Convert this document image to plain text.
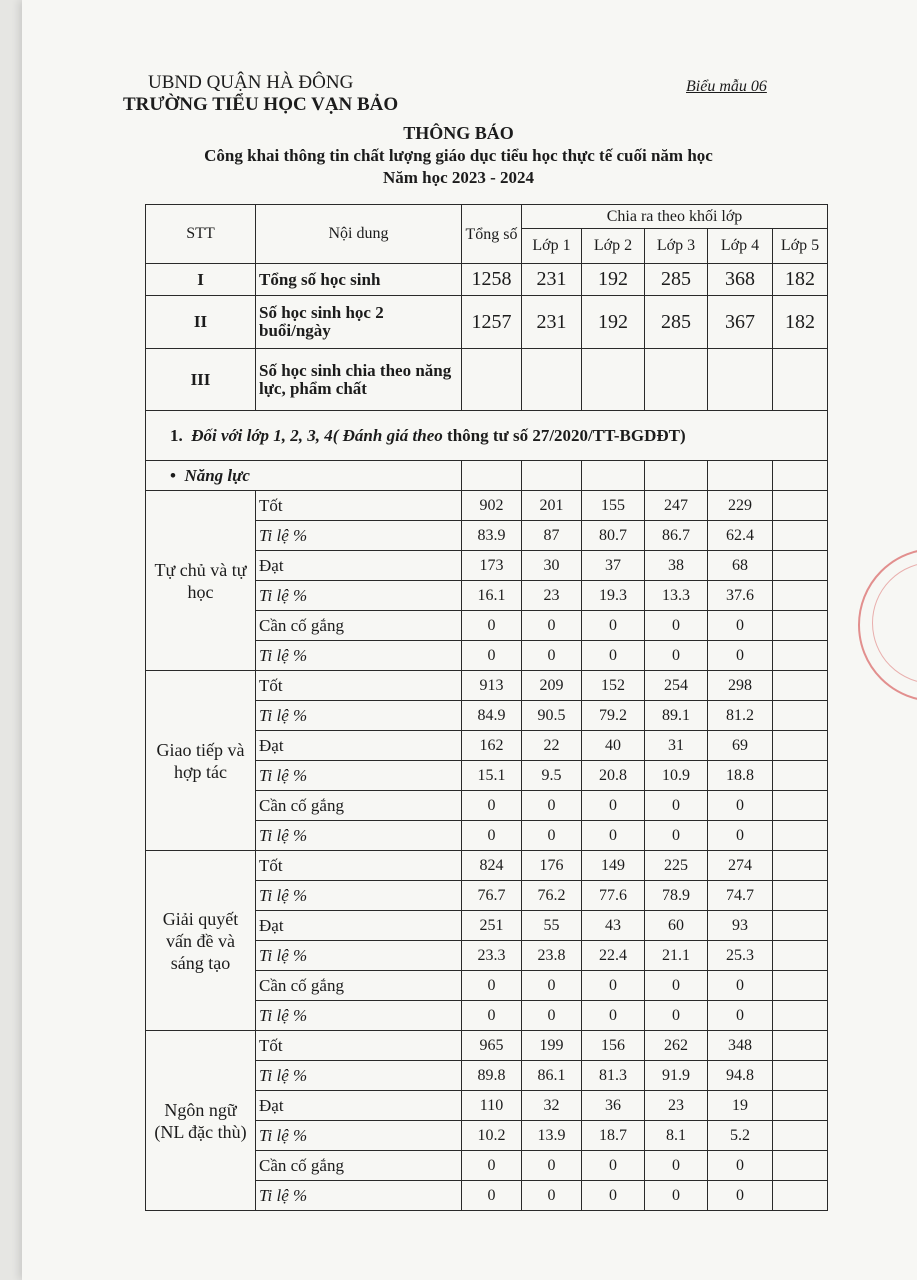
UBND QUẬN HÀ ĐÔNG
TRƯỜNG TIỂU HỌC VẠN BẢO
Biểu mẫu 06
THÔNG BÁO
Công khai thông tin chất lượng giáo dục tiểu học thực tế cuối năm học
Năm học 2023 - 2024
STT	Nội dung	Tổng số	Chia ra theo khối lớp				
			Lớp 1	Lớp 2	Lớp 3	Lớp 4	Lớp 5
I	Tổng số học sinh	1258	231	192	285	368	182
II	Số học sinh học 2 buổi/ngày	1257	231	192	285	367	182
III	Số học sinh chia theo năng lực, phẩm chất						
1. Đối với lớp 1, 2, 3, 4( Đánh giá theo thông tư số 27/2020/TT-BGDĐT)							
• Năng lực							
Tự chủ và tự học	Tốt	902	201	155	247	229	
	Ti lệ %	83.9	87	80.7	86.7	62.4	
	Đạt	173	30	37	38	68	
	Ti lệ %	16.1	23	19.3	13.3	37.6	
	Cần cố gắng	0	0	0	0	0	
	Ti lệ %	0	0	0	0	0	
Giao tiếp và hợp tác	Tốt	913	209	152	254	298	
	Ti lệ %	84.9	90.5	79.2	89.1	81.2	
	Đạt	162	22	40	31	69	
	Ti lệ %	15.1	9.5	20.8	10.9	18.8	
	Cần cố gắng	0	0	0	0	0	
	Ti lệ %	0	0	0	0	0	
Giải quyết vấn đề và sáng tạo	Tốt	824	176	149	225	274	
	Ti lệ %	76.7	76.2	77.6	78.9	74.7	
	Đạt	251	55	43	60	93	
	Ti lệ %	23.3	23.8	22.4	21.1	25.3	
	Cần cố gắng	0	0	0	0	0	
	Ti lệ %	0	0	0	0	0	
Ngôn ngữ (NL đặc thù)	Tốt	965	199	156	262	348	
	Ti lệ %	89.8	86.1	81.3	91.9	94.8	
	Đạt	110	32	36	23	19	
	Ti lệ %	10.2	13.9	18.7	8.1	5.2	
	Cần cố gắng	0	0	0	0	0	
	Ti lệ %	0	0	0	0	0	
